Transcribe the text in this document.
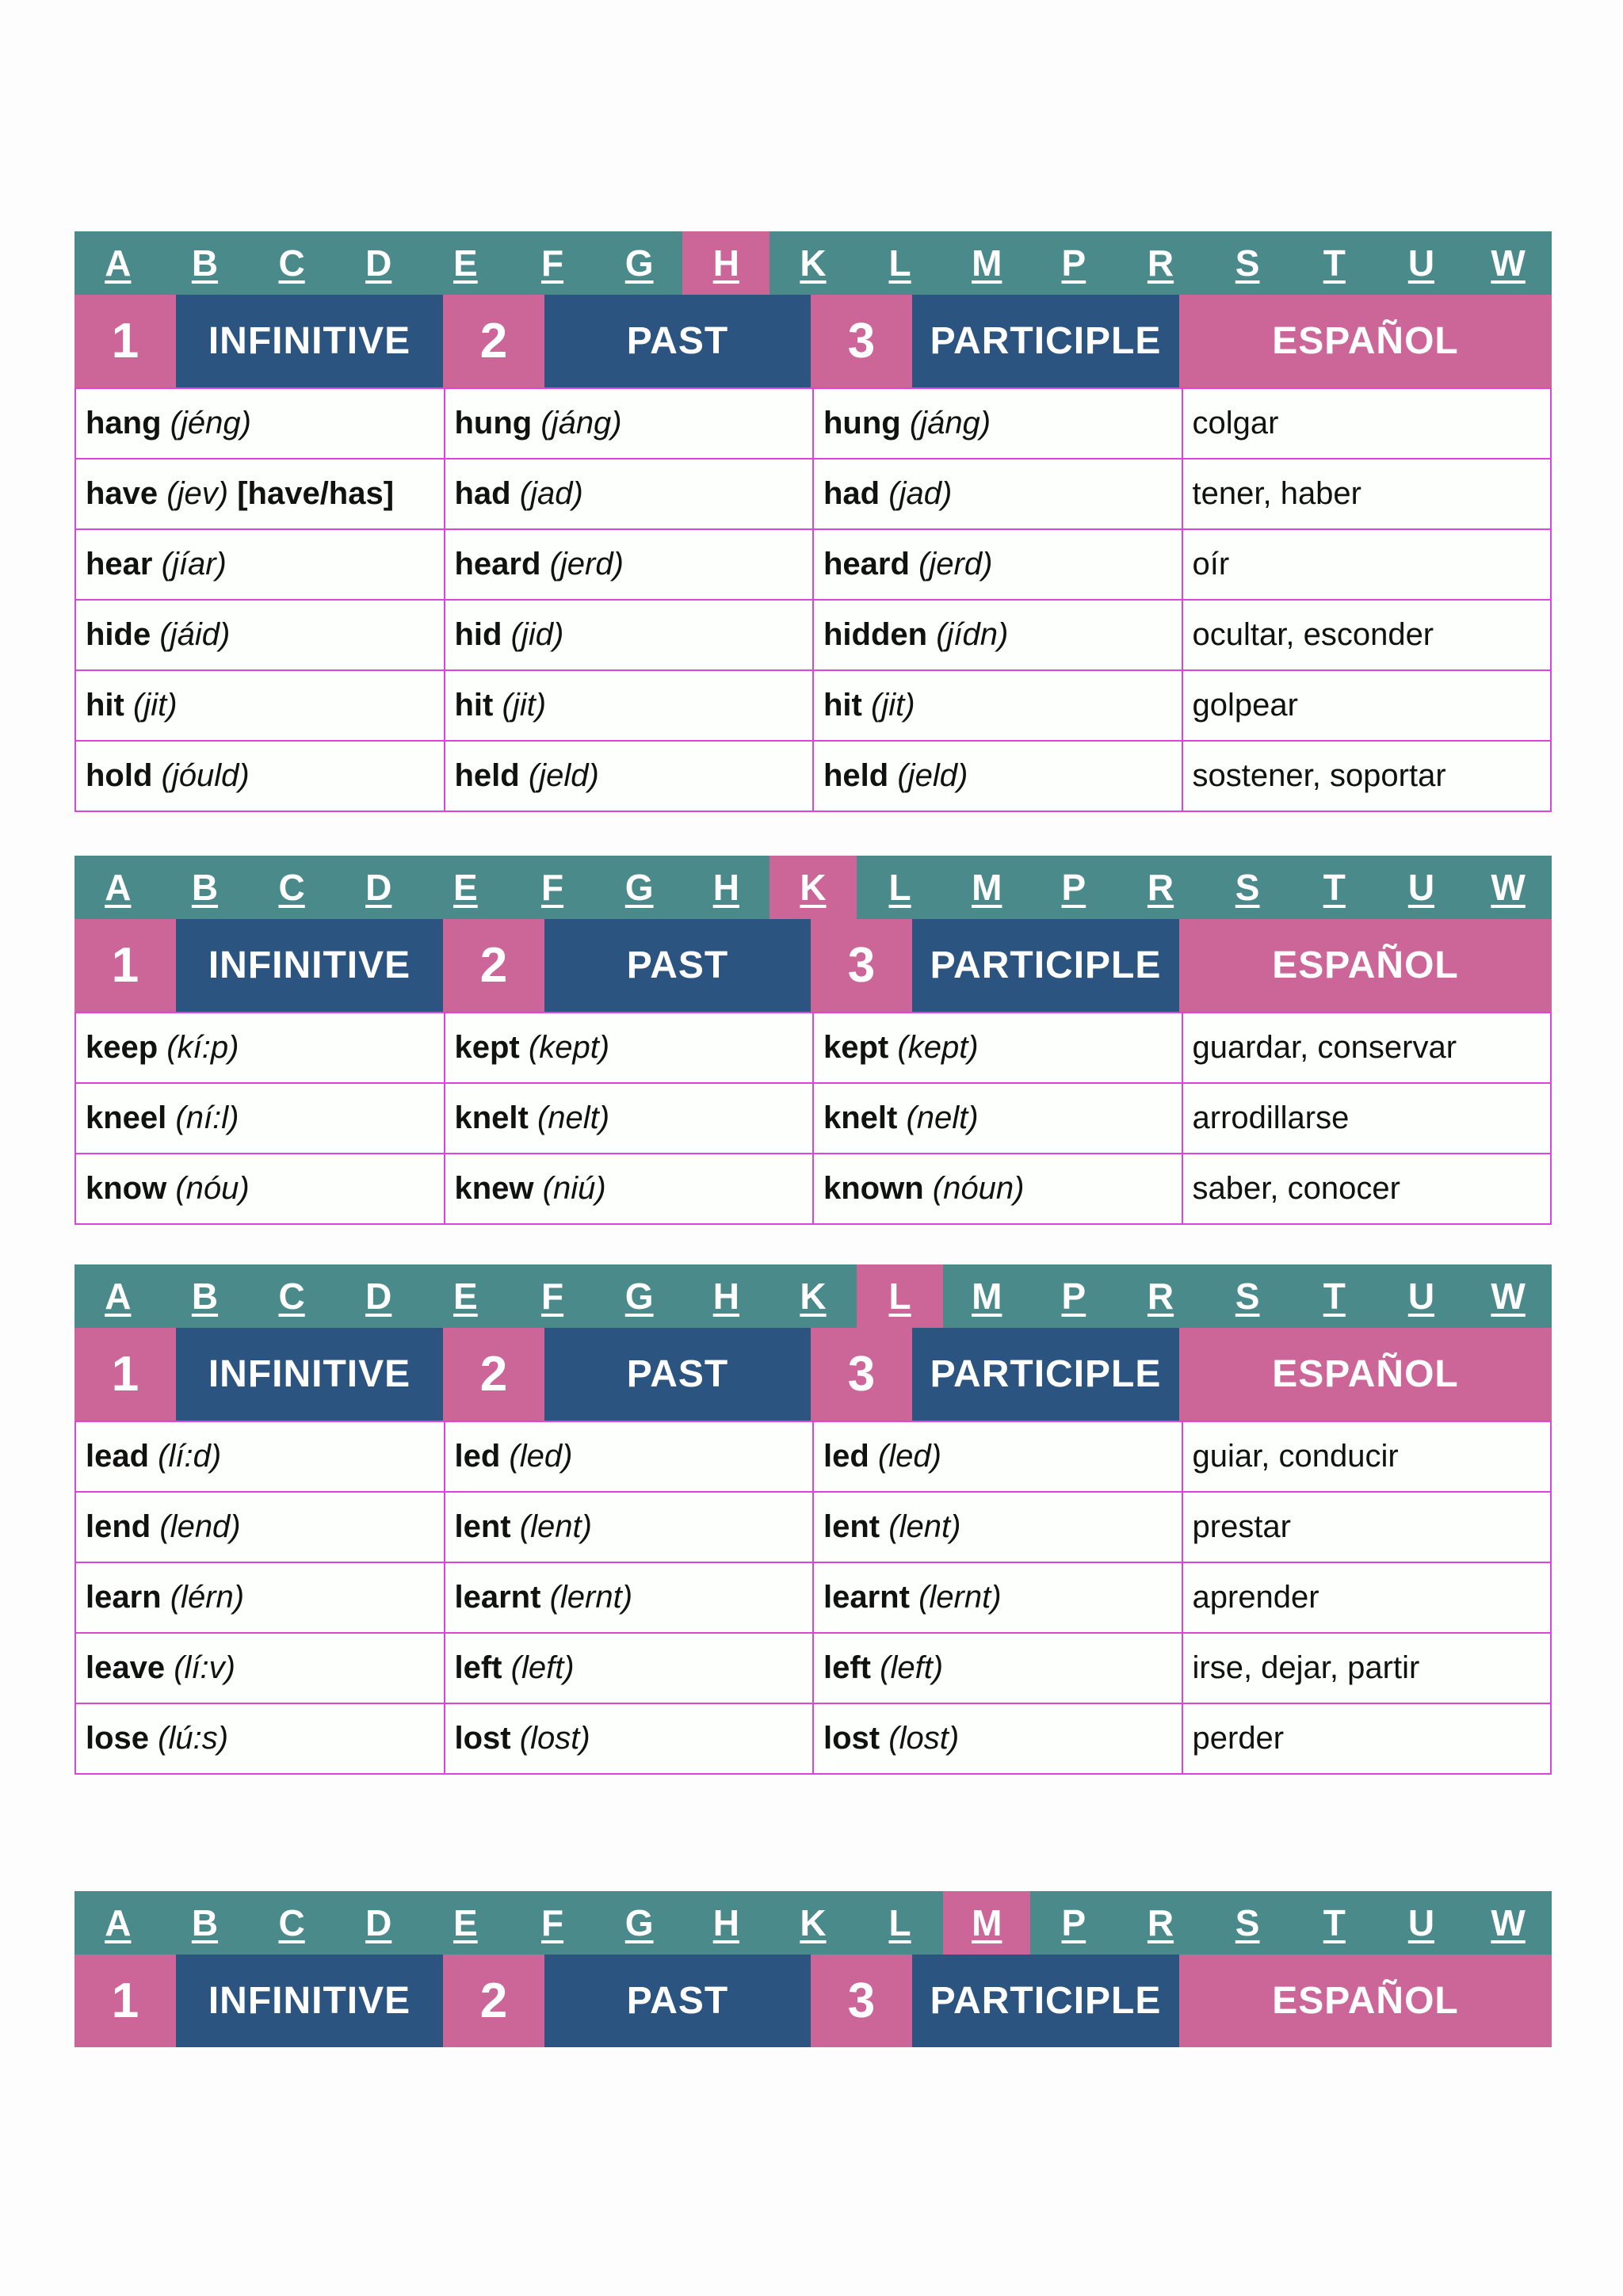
A	B	C	D	E	F	G	H	K	L	M	P	R	S	T	U	W
1	INFINITIVE	2	PAST	3	PARTICIPLE	ESPAÑOL
hang (jéng)	hung (jáng)	hung (jáng)	colgar
have (jev) [have/has]	had (jad)	had (jad)	tener, haber
hear (jíar)	heard (jerd)	heard (jerd)	oír
hide (jáid)	hid (jid)	hidden (jídn)	ocultar, esconder
hit (jit)	hit (jit)	hit (jit)	golpear
hold (jóuld)	held (jeld)	held (jeld)	sostener, soportar
A	B	C	D	E	F	G	H	K	L	M	P	R	S	T	U	W
1	INFINITIVE	2	PAST	3	PARTICIPLE	ESPAÑOL
keep (kí:p)	kept (kept)	kept (kept)	guardar, conservar
kneel (ní:l)	knelt (nelt)	knelt (nelt)	arrodillarse
know (nóu)	knew (niú)	known (nóun)	saber, conocer
A	B	C	D	E	F	G	H	K	L	M	P	R	S	T	U	W
1	INFINITIVE	2	PAST	3	PARTICIPLE	ESPAÑOL
lead (lí:d)	led (led)	led (led)	guiar, conducir
lend (lend)	lent (lent)	lent (lent)	prestar
learn (lérn)	learnt (lernt)	learnt (lernt)	aprender
leave (lí:v)	left (left)	left (left)	irse, dejar, partir
lose (lú:s)	lost (lost)	lost (lost)	perder
A	B	C	D	E	F	G	H	K	L	M	P	R	S	T	U	W
1	INFINITIVE	2	PAST	3	PARTICIPLE	ESPAÑOL
